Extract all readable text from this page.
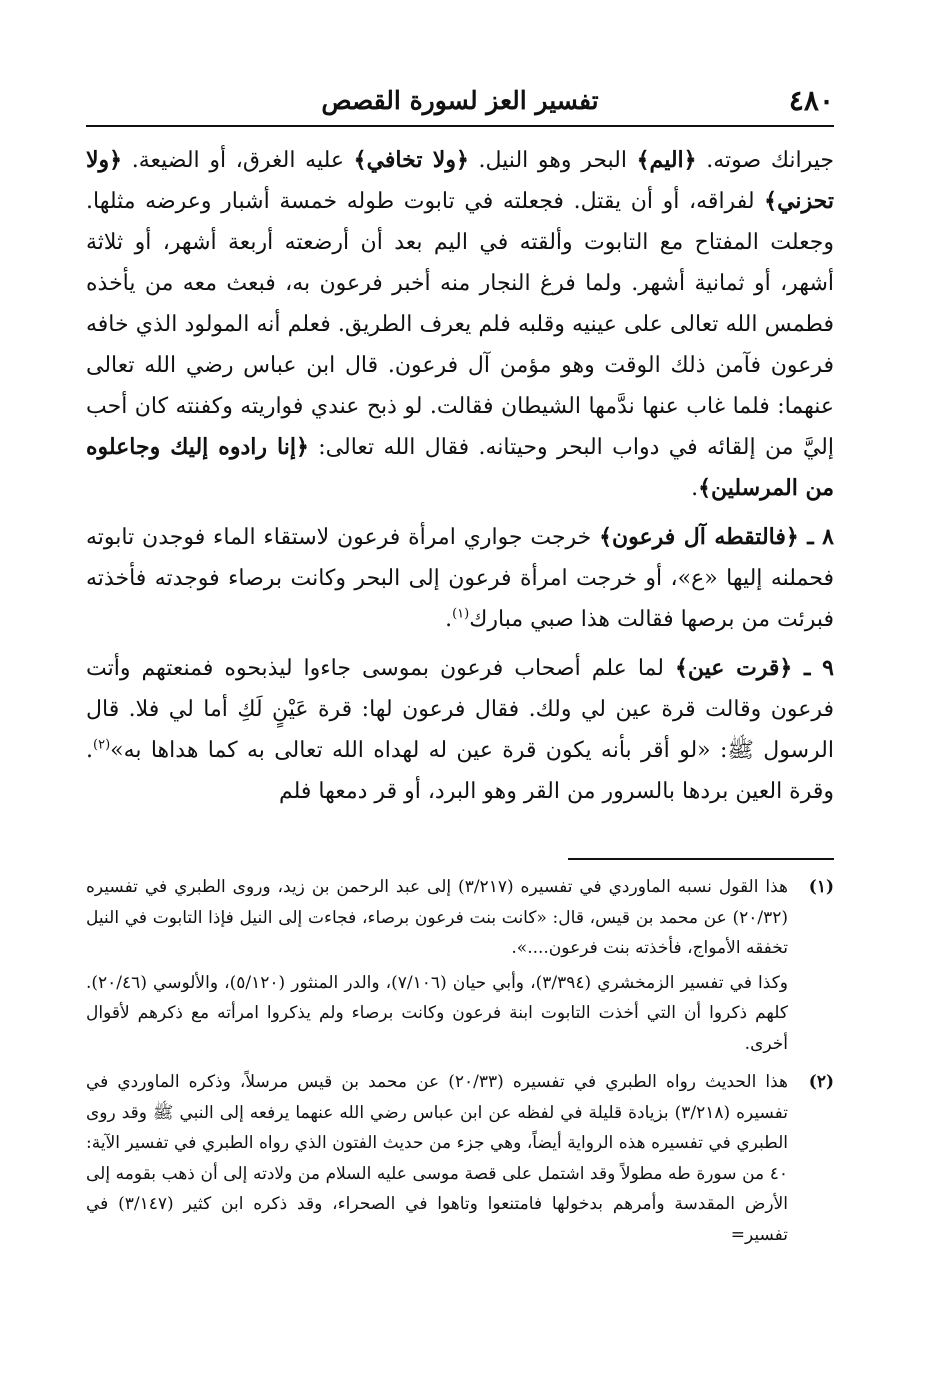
٤٨٠
تفسير العز لسورة القصص

جيرانك صوته. ﴿اليم﴾ البحر وهو النيل. ﴿ولا تخافي﴾ عليه الغرق، أو الضيعة. ﴿ولا تحزني﴾ لفراقه، أو أن يقتل. فجعلته في تابوت طوله خمسة أشبار وعرضه مثلها. وجعلت المفتاح مع التابوت وألقته في اليم بعد أن أرضعته أربعة أشهر، أو ثلاثة أشهر، أو ثمانية أشهر. ولما فرغ النجار منه أخبر فرعون به، فبعث معه من يأخذه فطمس الله تعالى على عينيه وقلبه فلم يعرف الطريق. فعلم أنه المولود الذي خافه فرعون فآمن ذلك الوقت وهو مؤمن آل فرعون. قال ابن عباس رضي الله تعالى عنهما: فلما غاب عنها ندَّمها الشيطان فقالت. لو ذبح عندي فواريته وكفنته كان أحب إليَّ من إلقائه في دواب البحر وحيتانه. فقال الله تعالى: ﴿إنا رادوه إليك وجاعلوه من المرسلين﴾.

٨ ـ ﴿فالتقطه آل فرعون﴾ خرجت جواري امرأة فرعون لاستقاء الماء فوجدن تابوته فحملنه إليها «ع»، أو خرجت امرأة فرعون إلى البحر وكانت برصاء فوجدته فأخذته فبرئت من برصها فقالت هذا صبي مبارك$^{(١)}$.

٩ ـ ﴿قرت عين﴾ لما علم أصحاب فرعون بموسى جاءوا ليذبحوه فمنعتهم وأتت فرعون وقالت قرة عين لي ولك. فقال فرعون لها: قرة عَيْنٍ لَكِ أما لي فلا. قال الرسول ﷺ: «لو أقر بأنه يكون قرة عين له لهداه الله تعالى به كما هداها به»$^{(٢)}$. وقرة العين بردها بالسرور من القر وهو البرد، أو قر دمعها فلم

(١)

هذا القول نسبه الماوردي في تفسيره (٣/٢١٧) إلى عبد الرحمن بن زيد، وروى الطبري في تفسيره (٢٠/٣٢) عن محمد بن قيس، قال: «كانت بنت فرعون برصاء، فجاءت إلى النيل فإذا التابوت في النيل تخفقه الأمواج، فأخذته بنت فرعون....».

وكذا في تفسير الزمخشري (٣/٣٩٤)، وأبي حيان (٧/١٠٦)، والدر المنثور (٥/١٢٠)، والألوسي (٢٠/٤٦). كلهم ذكروا أن التي أخذت التابوت ابنة فرعون وكانت برصاء ولم يذكروا امرأته مع ذكرهم لأقوال أخرى.

(٢)

هذا الحديث رواه الطبري في تفسيره (٢٠/٣٣) عن محمد بن قيس مرسلاً، وذكره الماوردي في تفسيره (٣/٢١٨) بزيادة قليلة في لفظه عن ابن عباس رضي الله عنهما يرفعه إلى النبي ﷺ وقد روى الطبري في تفسيره هذه الرواية أيضاً، وهي جزء من حديث الفتون الذي رواه الطبري في تفسير الآية: ٤٠ من سورة طه مطولاً وقد اشتمل على قصة موسى عليه السلام من ولادته إلى أن ذهب بقومه إلى الأرض المقدسة وأمرهم بدخولها فامتنعوا وتاهوا في الصحراء، وقد ذكره ابن كثير (٣/١٤٧) في تفسير=
